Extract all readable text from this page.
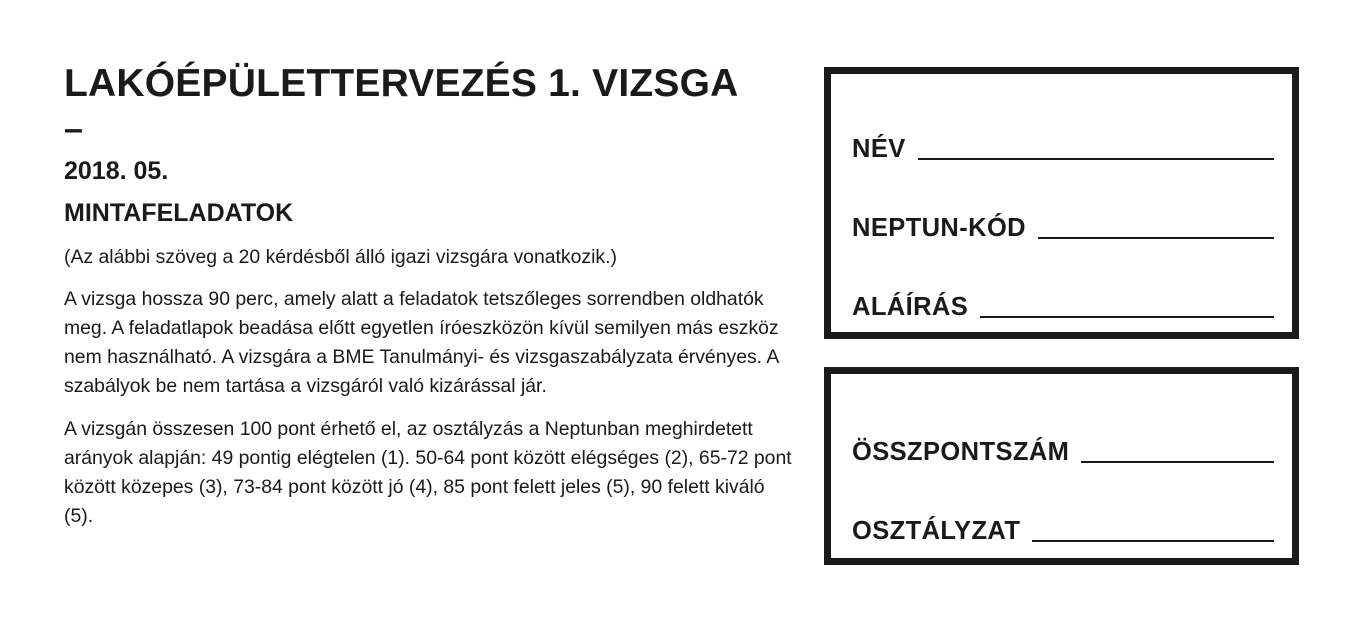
LAKÓÉPÜLETTERVEZÉS 1. VIZSGA
–
2018. 05.
MINTAFELADATOK

(Az alábbi szöveg a 20 kérdésből álló igazi vizsgára vonatkozik.)

A vizsga hossza 90 perc, amely alatt a feladatok tetszőleges sorrendben oldhatók meg. A feladatlapok beadása előtt egyetlen íróeszközön kívül semilyen más eszköz nem használható. A vizsgára a BME Tanulmányi- és vizsgaszabályzata érvényes. A szabályok be nem tartása a vizsgáról való kizárással jár.

A vizsgán összesen 100 pont érhető el, az osztályzás a Neptunban meghirdetett arányok alapján: 49 pontig elégtelen (1). 50-64 pont között elégséges (2), 65-72 pont között közepes (3), 73-84 pont között jó (4), 85 pont felett jeles (5), 90 felett kiváló (5).

NÉV
NEPTUN-KÓD
ALÁÍRÁS
ÖSSZPONTSZÁM
OSZTÁLYZAT
